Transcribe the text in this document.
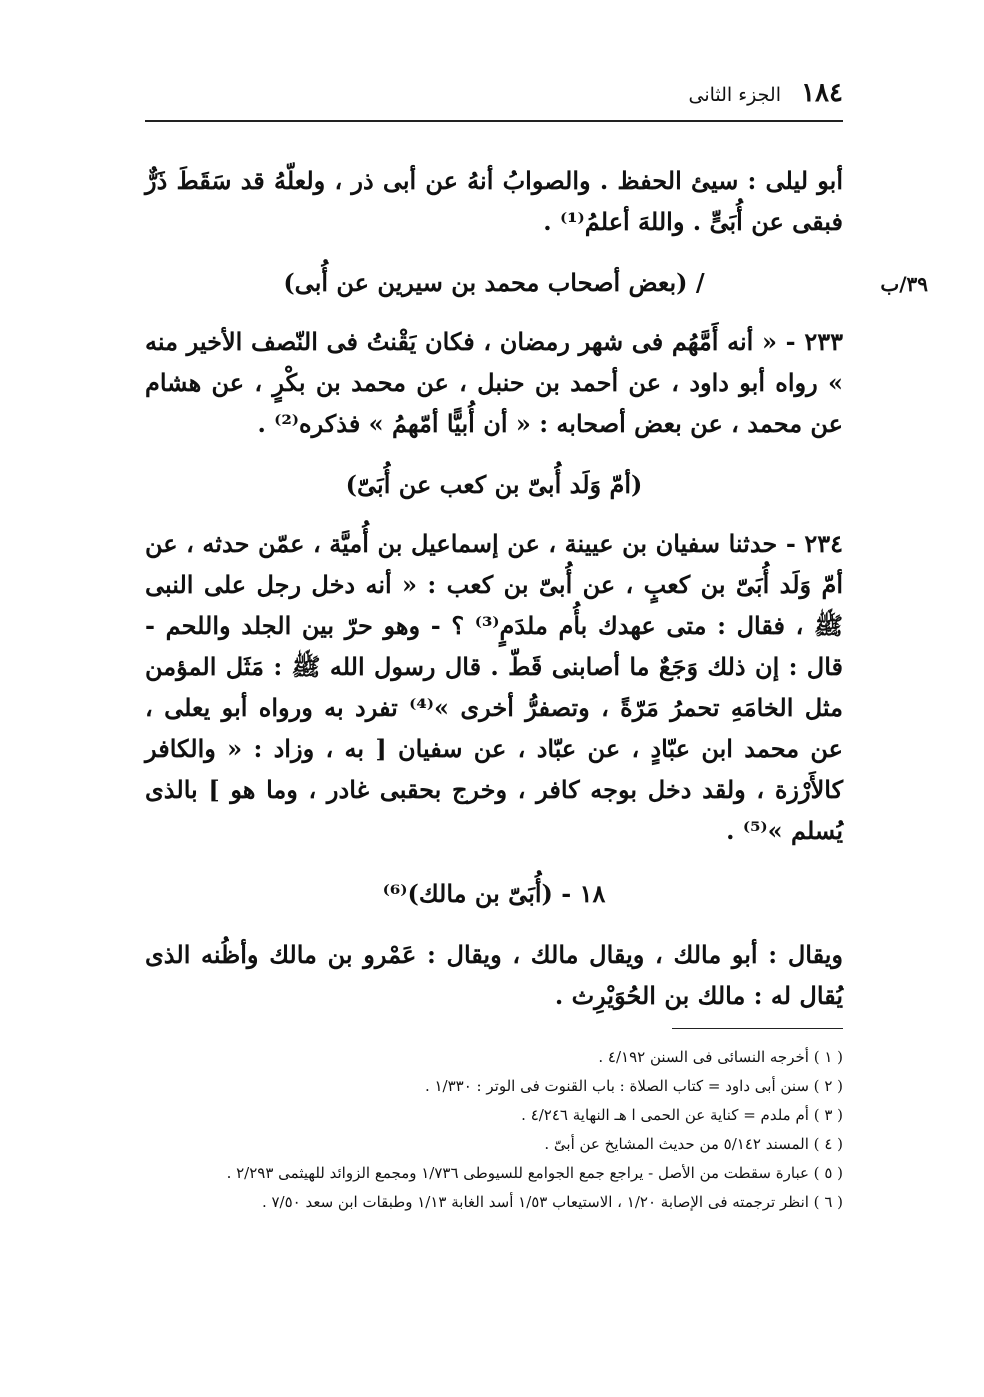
١٨٤
الجزء الثانى
٣٩/ب

أبو ليلى : سيئ الحفظ . والصوابُ أنهُ عن أبى ذر ، ولعلّهُ قد سَقَطَ ذَرٌّ فبقى عن أُبَىٍّ . واللهَ أعلمُ⁽¹⁾ .

/ (بعض أصحاب محمد بن سيرين عن أُبى)

٢٣٣ - « أنه أَمَّهُم فى شهر رمضان ، فكان يَقْنتُ فى النّصف الأخير منه » رواه أبو داود ، عن أحمد بن حنبل ، عن محمد بن بكْرٍ ، عن هشام عن محمد ، عن بعض أصحابه : « أن أُبيًّا أمّهمُ » فذكره⁽²⁾ .

(أمّ وَلَد أُبىّ بن كعب عن أُبَىّ)

٢٣٤ - حدثنا سفيان بن عيينة ، عن إسماعيل بن أُميَّة ، عمّن حدثه ، عن أمّ وَلَد أُبَىّ بن كعبٍ ، عن أُبىّ بن كعب : « أنه دخل رجل على النبى ﷺ ، فقال : متى عهدك بأُم ملدَمٍ⁽³⁾ ؟ - وهو حرّ بين الجلد واللحم - قال : إن ذلك وَجَعٌ ما أصابنى قَطّ . قال رسول الله ﷺ : مَثَل المؤمن مثل الخامَهِ تحمرُ مَرّةً ، وتصفرُّ أخرى »⁽⁴⁾ تفرد به ورواه أبو يعلى ، عن محمد ابن عبّادٍ ، عن عبّاد ، عن سفيان [ به ، وزاد : « والكافر كالأَرْزة ، ولقد دخل بوجه كافر ، وخرج بحقبى غادر ، وما هو ] بالذى يُسلم »⁽⁵⁾ .

١٨ - (أُبَىّ بن مالك)⁽⁶⁾

ويقال : أبو مالك ، ويقال مالك ، ويقال : عَمْرو بن مالك وأظُنه الذى يُقال له : مالك بن الحُوَيْرِث .

( ١ ) أخرجه النسائى فى السنن ٤/١٩٢ .

( ٢ ) سنن أبى داود = كتاب الصلاة : باب القنوت فى الوتر : ١/٣٣٠ .

( ٣ ) أم ملدم = كناية عن الحمى ا هـ النهاية ٤/٢٤٦ .

( ٤ ) المسند ٥/١٤٢ من حديث المشايخ عن أبىّ .

( ٥ ) عبارة سقطت من الأصل - يراجع جمع الجوامع للسيوطى ١/٧٣٦ ومجمع الزوائد للهيثمى ٢/٢٩٣ .

( ٦ ) انظر ترجمته فى الإصابة ١/٢٠ ، الاستيعاب ١/٥٣ أسد الغابة ١/١٣ وطبقات ابن سعد ٧/٥٠ .
